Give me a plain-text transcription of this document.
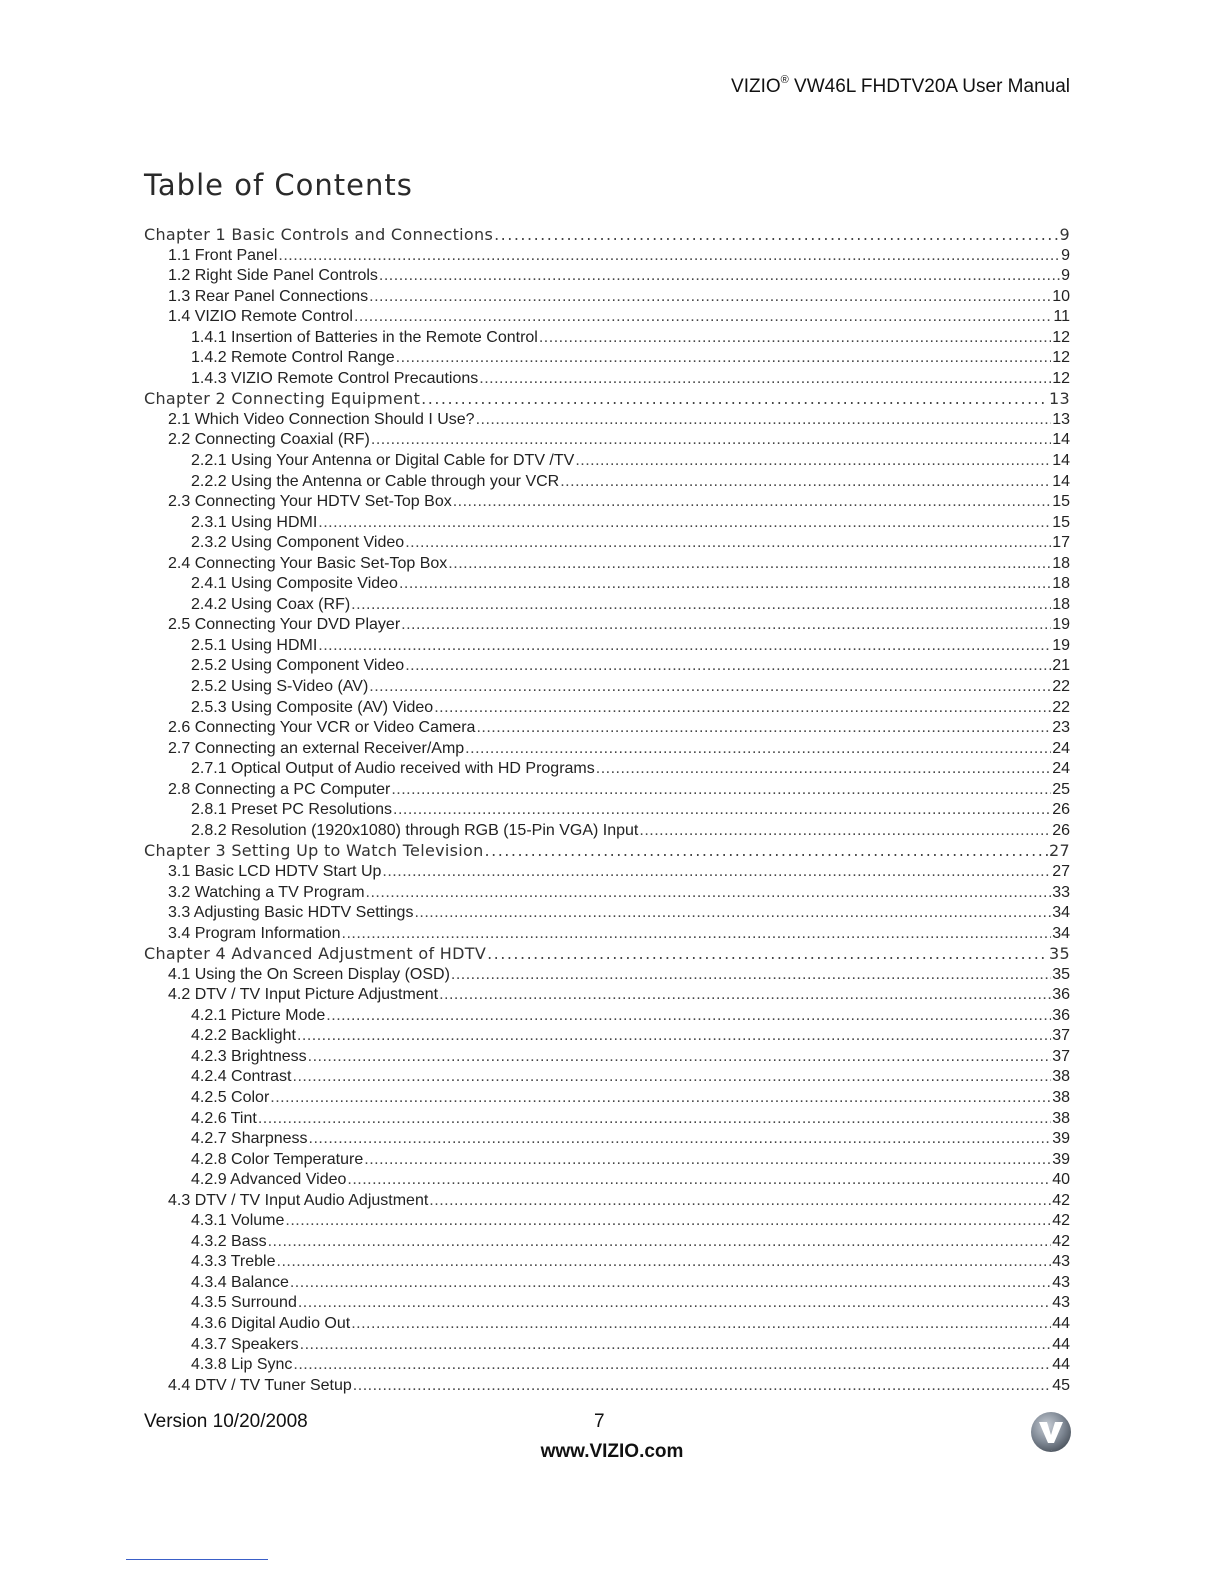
VIZIO® VW46L FHDTV20A User Manual
Table of Contents
Chapter 1 Basic Controls and Connections .....	9
1.1 Front Panel .....	9
1.2 Right Side Panel Controls .....	9
1.3 Rear Panel Connections .....	10
1.4 VIZIO Remote Control .....	11
1.4.1 Insertion of Batteries in the Remote Control .....	12
1.4.2 Remote Control Range .....	12
1.4.3 VIZIO Remote Control Precautions .....	12
Chapter 2 Connecting Equipment .....	13
2.1 Which Video Connection Should I Use? .....	13
2.2 Connecting Coaxial (RF) .....	14
2.2.1 Using Your Antenna or Digital Cable for DTV /TV .....	14
2.2.2 Using the Antenna or Cable through your VCR .....	14
2.3 Connecting Your HDTV Set-Top Box .....	15
2.3.1 Using HDMI .....	15
2.3.2 Using Component Video .....	17
2.4 Connecting Your Basic Set-Top Box .....	18
2.4.1 Using Composite Video .....	18
2.4.2 Using Coax (RF) .....	18
2.5 Connecting Your DVD Player .....	19
2.5.1 Using HDMI .....	19
2.5.2 Using Component Video .....	21
2.5.2 Using S-Video (AV) .....	22
2.5.3 Using Composite (AV) Video .....	22
2.6 Connecting Your VCR or Video Camera .....	23
2.7 Connecting an external Receiver/Amp .....	24
2.7.1 Optical Output of Audio received with HD Programs .....	24
2.8 Connecting a PC Computer .....	25
2.8.1 Preset PC Resolutions .....	26
2.8.2 Resolution (1920x1080) through RGB (15-Pin VGA) Input .....	26
Chapter 3 Setting Up to Watch Television .....	27
3.1 Basic LCD HDTV Start Up .....	27
3.2 Watching a TV Program .....	33
3.3 Adjusting Basic HDTV Settings .....	34
3.4 Program Information .....	34
Chapter 4 Advanced Adjustment of HDTV .....	35
4.1 Using the On Screen Display (OSD) .....	35
4.2 DTV / TV Input Picture Adjustment .....	36
4.2.1 Picture Mode .....	36
4.2.2 Backlight .....	37
4.2.3 Brightness .....	37
4.2.4 Contrast .....	38
4.2.5 Color .....	38
4.2.6 Tint .....	38
4.2.7 Sharpness .....	39
4.2.8 Color Temperature .....	39
4.2.9 Advanced Video .....	40
4.3 DTV / TV Input Audio Adjustment .....	42
4.3.1 Volume .....	42
4.3.2 Bass .....	42
4.3.3 Treble .....	43
4.3.4 Balance .....	43
4.3.5 Surround .....	43
4.3.6 Digital Audio Out .....	44
4.3.7 Speakers .....	44
4.3.8 Lip Sync .....	44
4.4 DTV / TV Tuner Setup .....	45
Version 10/20/2008	7
www.VIZIO.com	V
